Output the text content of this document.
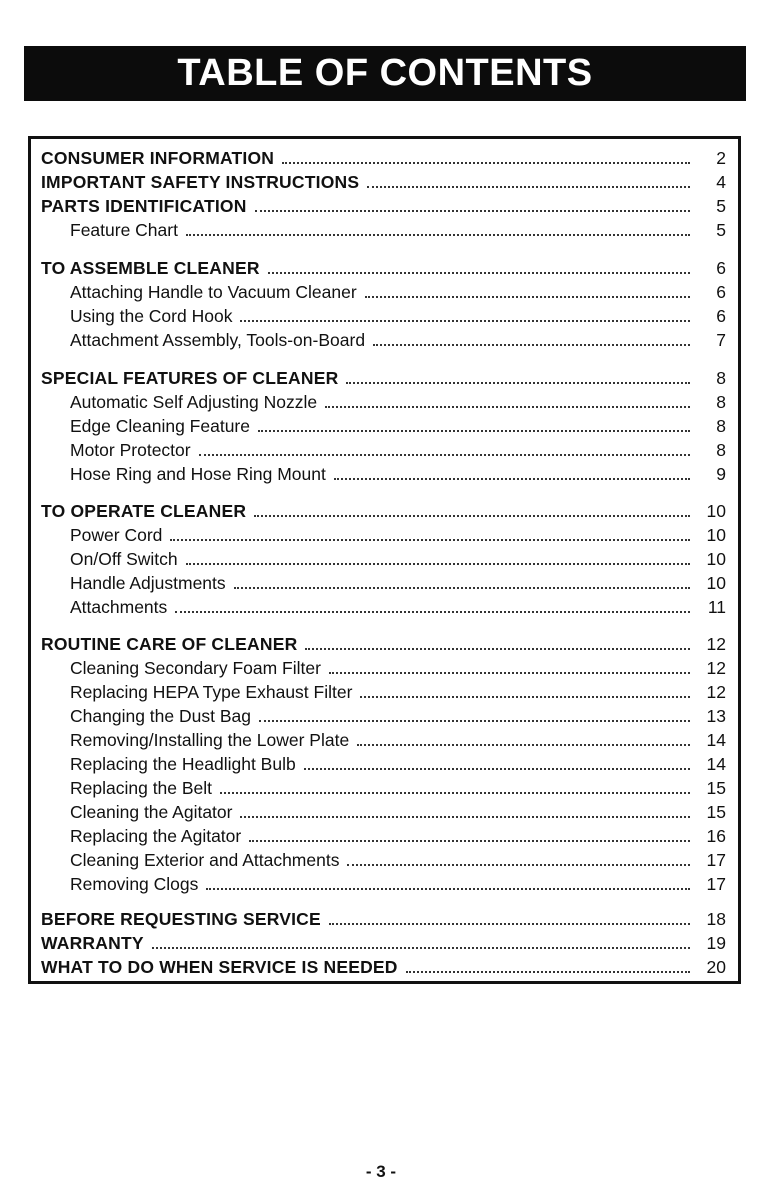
TABLE OF CONTENTS
CONSUMER INFORMATION	2
IMPORTANT SAFETY INSTRUCTIONS	4
PARTS IDENTIFICATION	5
Feature Chart	5
TO ASSEMBLE CLEANER	6
Attaching Handle to Vacuum Cleaner	6
Using the Cord Hook	6
Attachment Assembly, Tools-on-Board	7
SPECIAL FEATURES OF CLEANER	8
Automatic Self Adjusting Nozzle	8
Edge Cleaning Feature	8
Motor Protector	8
Hose Ring and Hose Ring Mount	9
TO OPERATE CLEANER	10
Power Cord	10
On/Off Switch	10
Handle Adjustments	10
Attachments	11
ROUTINE CARE OF CLEANER	12
Cleaning Secondary Foam Filter	12
Replacing HEPA Type Exhaust Filter	12
Changing the Dust Bag	13
Removing/Installing the Lower Plate	14
Replacing the Headlight Bulb	14
Replacing the Belt	15
Cleaning the Agitator	15
Replacing the Agitator	16
Cleaning Exterior and Attachments	17
Removing Clogs	17
BEFORE REQUESTING SERVICE	18
WARRANTY	19
WHAT TO DO WHEN SERVICE IS NEEDED	20
- 3 -
